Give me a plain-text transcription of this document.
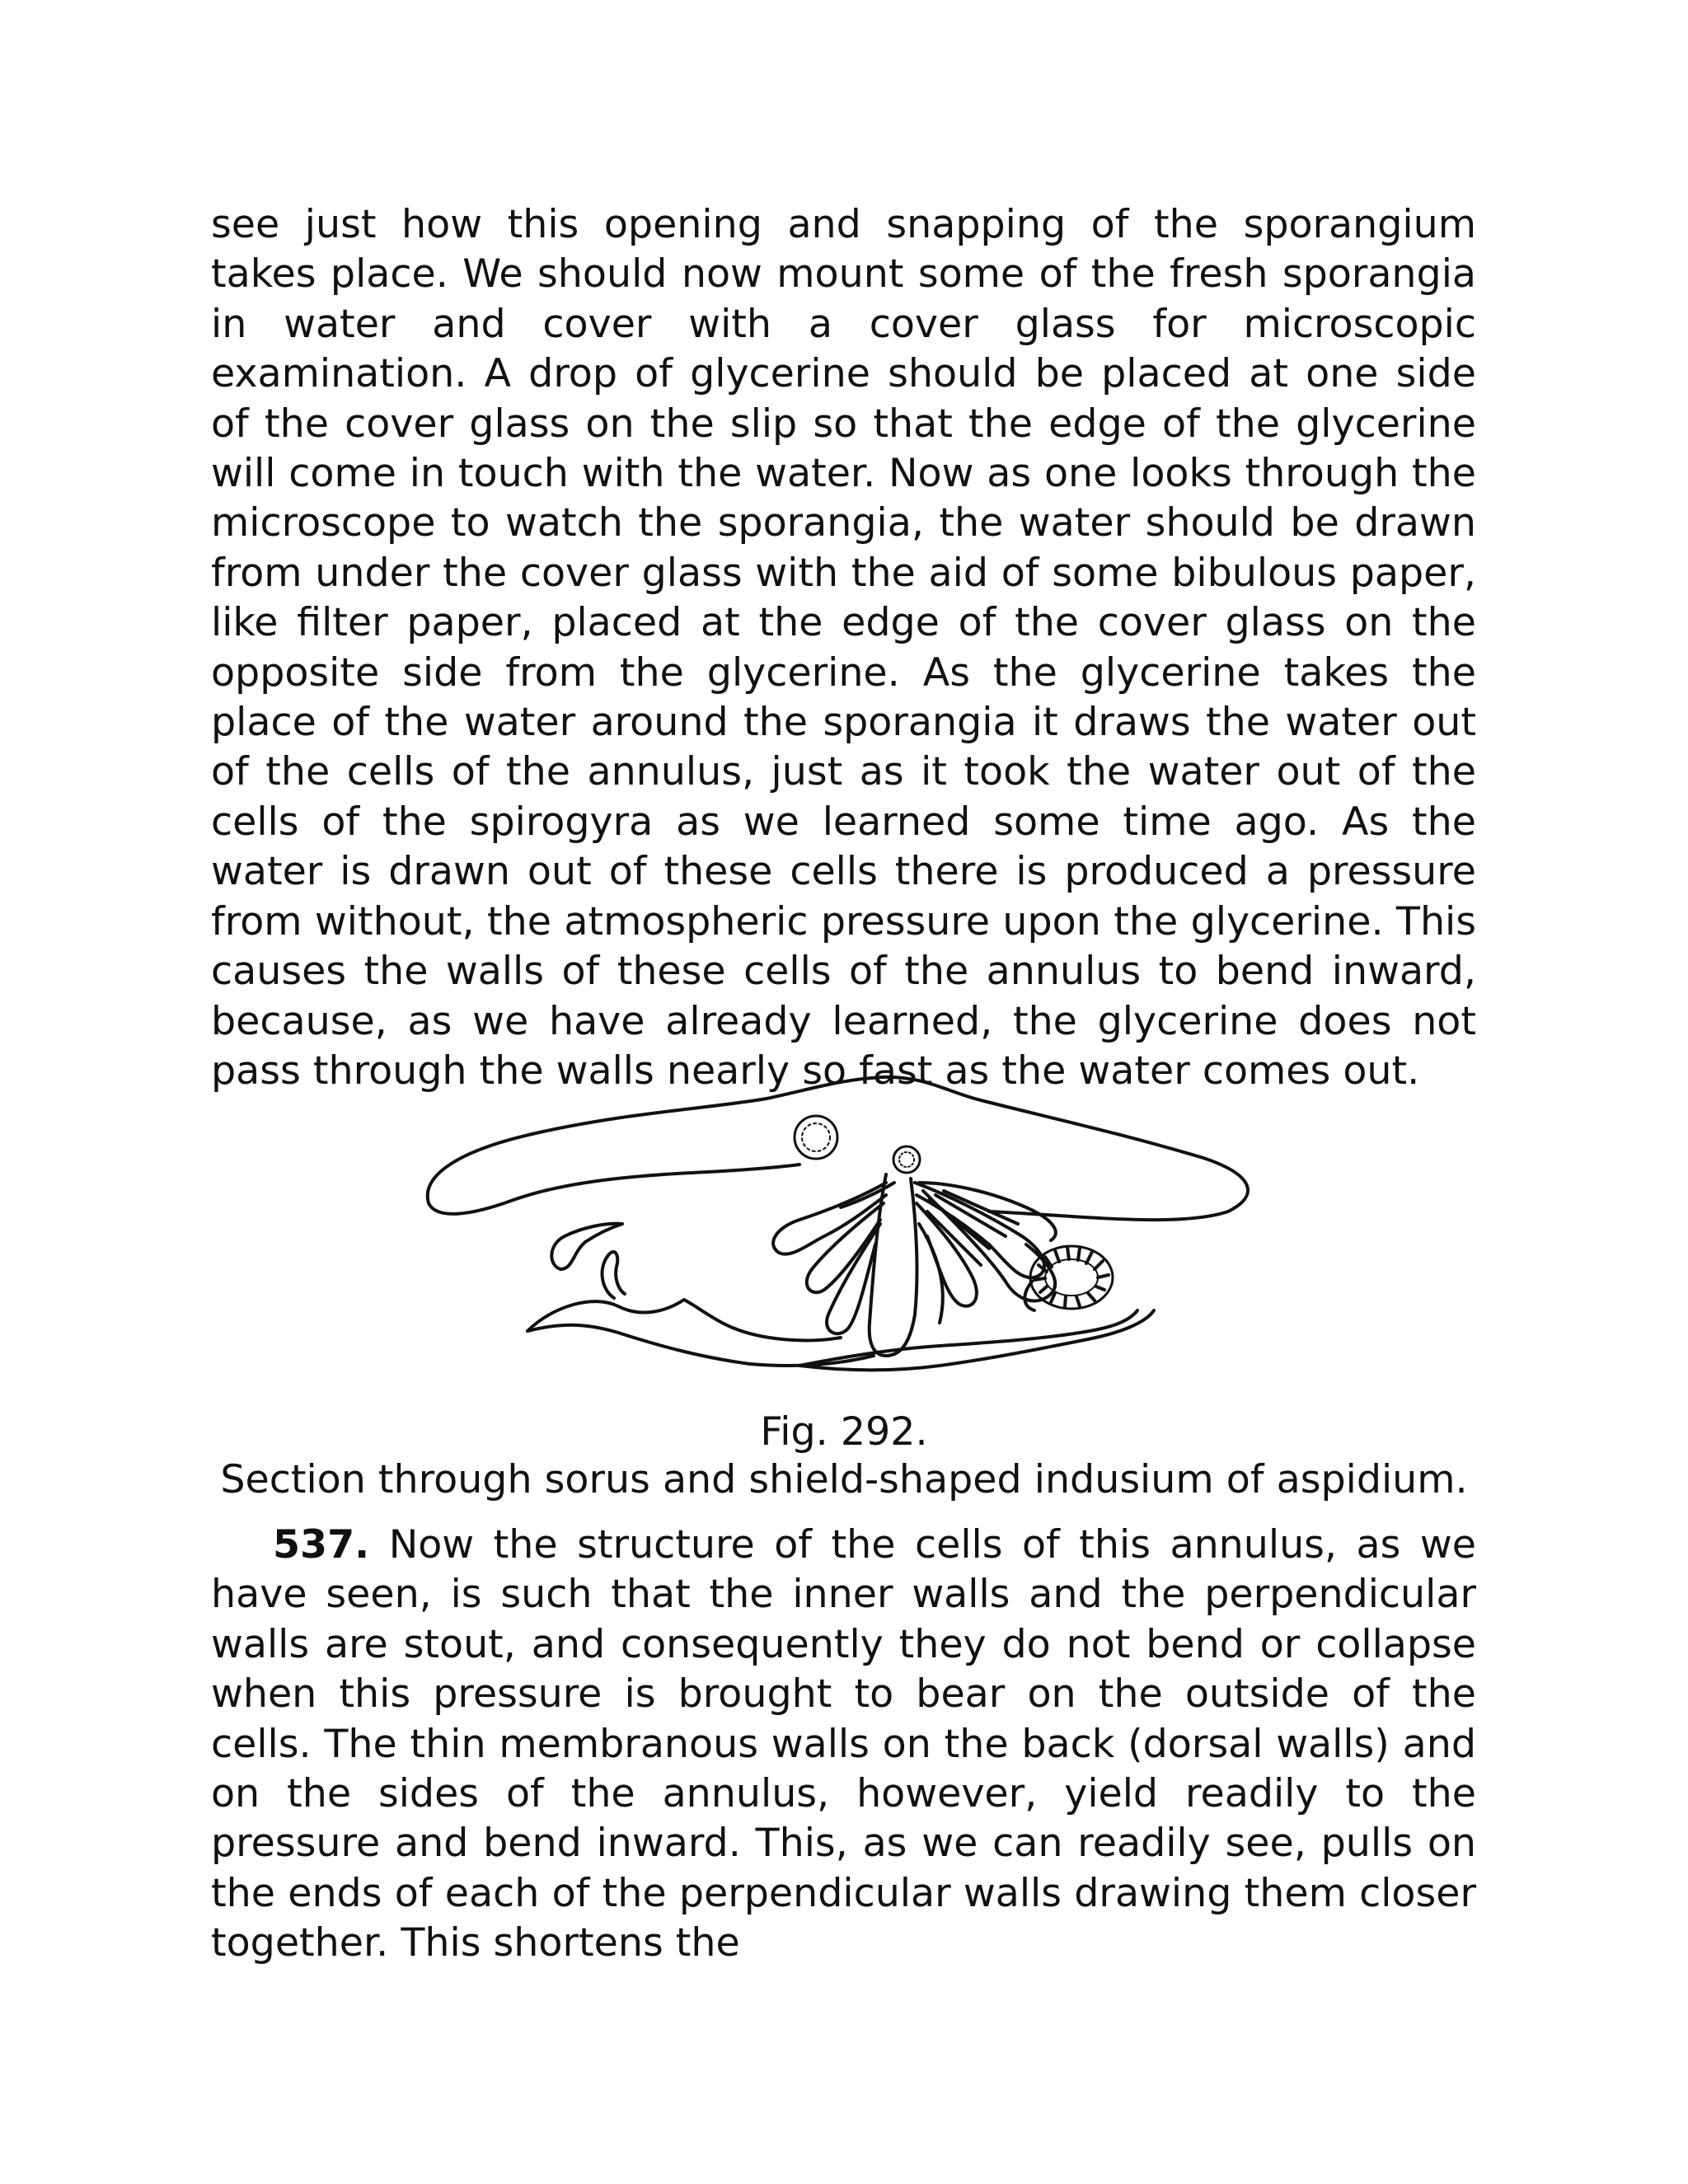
see just how this opening and snapping of the sporangium takes place. We should now mount some of the fresh sporangia in water and cover with a cover glass for microscopic examination. A drop of glycerine should be placed at one side of the cover glass on the slip so that the edge of the glycerine will come in touch with the water. Now as one looks through the microscope to watch the sporangia, the water should be drawn from under the cover glass with the aid of some bibulous paper, like filter paper, placed at the edge of the cover glass on the opposite side from the glycerine. As the glycerine takes the place of the water around the sporangia it draws the water out of the cells of the annulus, just as it took the water out of the cells of the spirogyra as we learned some time ago. As the water is drawn out of these cells there is produced a pressure from without, the atmospheric pressure upon the glycerine. This causes the walls of these cells of the annulus to bend inward, because, as we have already learned, the glycerine does not pass through the walls nearly so fast as the water comes out.

Fig. 292.

Section through sorus and shield-shaped indusium of aspidium.

537. Now the structure of the cells of this annulus, as we have seen, is such that the inner walls and the perpendicular walls are stout, and consequently they do not bend or collapse when this pressure is brought to bear on the outside of the cells. The thin membranous walls on the back (dorsal walls) and on the sides of the annulus, however, yield readily to the pressure and bend inward. This, as we can readily see, pulls on the ends of each of the perpendicular walls drawing them closer together. This shortens the
